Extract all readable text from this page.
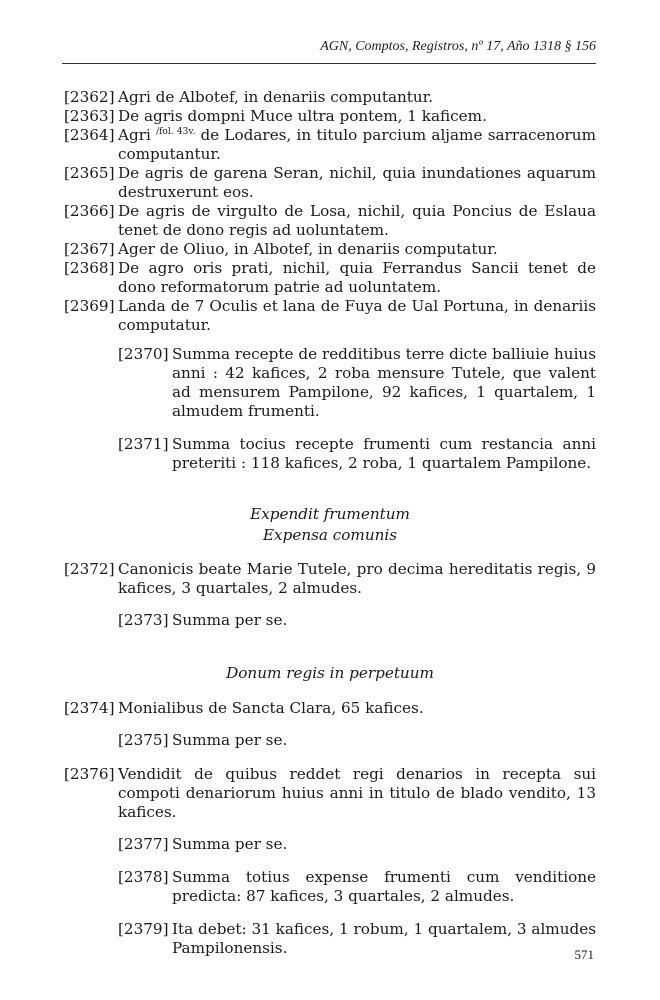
AGN, Comptos, Registros, nº 17, Año 1318 § 156
[2362] Agri de Albotef, in denariis computantur.
[2363] De agris dompni Muce ultra pontem, 1 kaficem.
[2364] Agri $^{/fol. 43v.}$ de Lodares, in titulo parcium aljame sarracenorum computantur.
[2365] De agris de garena Seran, nichil, quia inundationes aquarum destruxerunt eos.
[2366] De agris de virgulto de Losa, nichil, quia Poncius de Eslaua tenet de dono regis ad uoluntatem.
[2367] Ager de Oliuo, in Albotef, in denariis computatur.
[2368] De agro oris prati, nichil, quia Ferrandus Sancii tenet de dono reformatorum patrie ad uoluntatem.
[2369] Landa de 7 Oculis et lana de Fuya de Ual Portuna, in denariis computatur.
[2370] Summa recepte de redditibus terre dicte balliuie huius anni : 42 kafices, 2 roba mensure Tutele, que valent ad mensurem Pampilone, 92 kafices, 1 quartalem, 1 almudem frumenti.
[2371] Summa tocius recepte frumenti cum restancia anni preteriti : 118 kafices, 2 roba, 1 quartalem Pampilone.
Expendit frumentum
Expensa comunis
[2372] Canonicis beate Marie Tutele, pro decima hereditatis regis, 9 kafices, 3 quartales, 2 almudes.
[2373] Summa per se.
Donum regis in perpetuum
[2374] Monialibus de Sancta Clara, 65 kafices.
[2375] Summa per se.
[2376] Vendidit de quibus reddet regi denarios in recepta sui compoti denariorum huius anni in titulo de blado vendito, 13 kafices.
[2377] Summa per se.
[2378] Summa totius expense frumenti cum venditione predicta: 87 kafices, 3 quartales, 2 almudes.
[2379] Ita debet: 31 kafices, 1 robum, 1 quartalem, 3 almudes Pampilonensis.	571
